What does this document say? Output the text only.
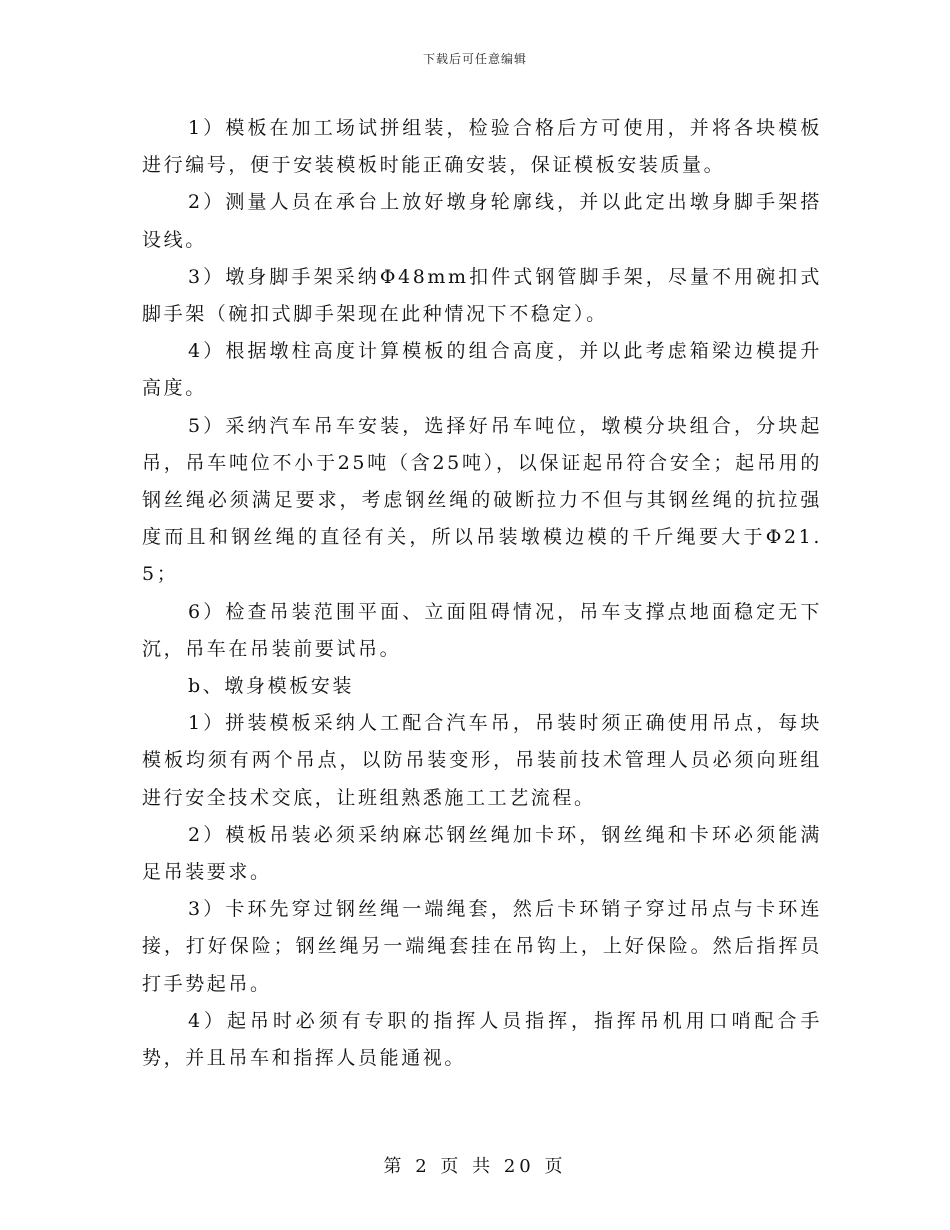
下载后可任意编辑

1）模板在加工场试拼组装，检验合格后方可使用，并将各块模板进行编号，便于安装模板时能正确安装，保证模板安装质量。

2）测量人员在承台上放好墩身轮廓线，并以此定出墩身脚手架搭设线。

3）墩身脚手架采纳Φ48mm扣件式钢管脚手架，尽量不用碗扣式脚手架（碗扣式脚手架现在此种情况下不稳定）。

4）根据墩柱高度计算模板的组合高度，并以此考虑箱梁边模提升高度。

5）采纳汽车吊车安装，选择好吊车吨位，墩模分块组合，分块起吊，吊车吨位不小于25吨（含25吨），以保证起吊符合安全；起吊用的钢丝绳必须满足要求，考虑钢丝绳的破断拉力不但与其钢丝绳的抗拉强度而且和钢丝绳的直径有关，所以吊装墩模边模的千斤绳要大于Φ21.5；

6）检查吊装范围平面、立面阻碍情况，吊车支撑点地面稳定无下沉，吊车在吊装前要试吊。

b、墩身模板安装

1）拼装模板采纳人工配合汽车吊，吊装时须正确使用吊点，每块模板均须有两个吊点，以防吊装变形，吊装前技术管理人员必须向班组进行安全技术交底，让班组熟悉施工工艺流程。

2）模板吊装必须采纳麻芯钢丝绳加卡环，钢丝绳和卡环必须能满足吊装要求。

3）卡环先穿过钢丝绳一端绳套，然后卡环销子穿过吊点与卡环连接，打好保险；钢丝绳另一端绳套挂在吊钩上，上好保险。然后指挥员打手势起吊。

4）起吊时必须有专职的指挥人员指挥，指挥吊机用口哨配合手势，并且吊车和指挥人员能通视。

第 2 页 共 20 页
